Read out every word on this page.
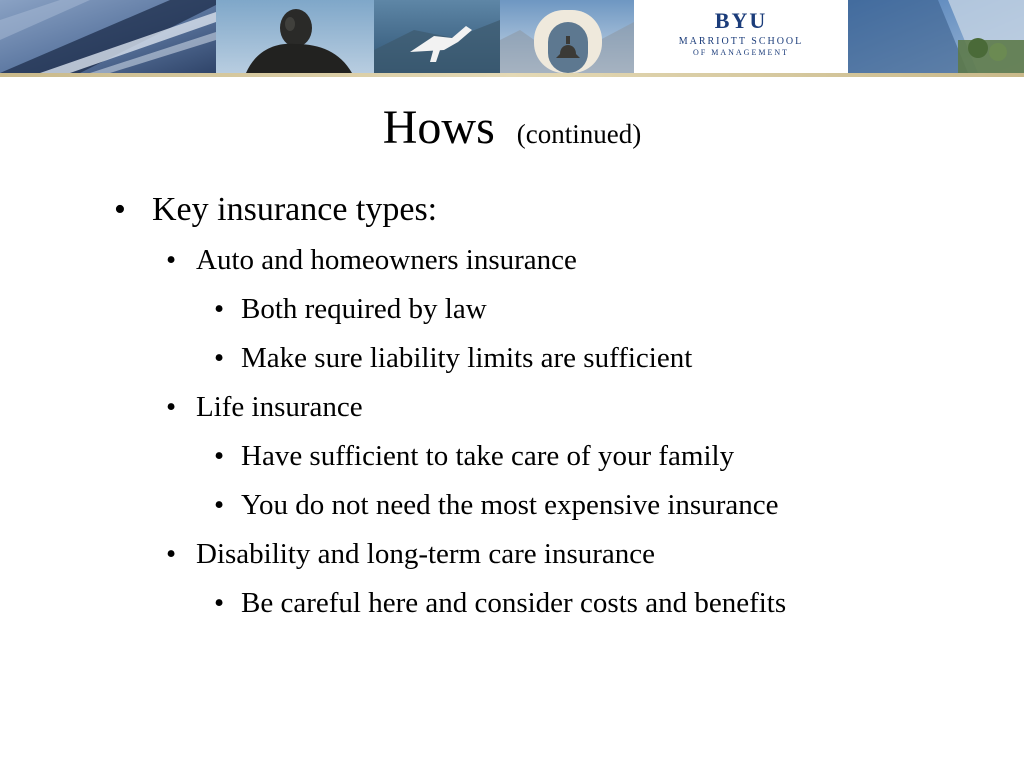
BYU
MARRIOTT SCHOOL
OF MANAGEMENT
Hows (continued)
• Key insurance types:
• Auto and homeowners insurance
• Both required by law
• Make sure liability limits are sufficient
• Life insurance
• Have sufficient to take care of your family
• You do not need the most expensive insurance
• Disability and long-term care insurance
• Be careful here and consider costs and benefits
